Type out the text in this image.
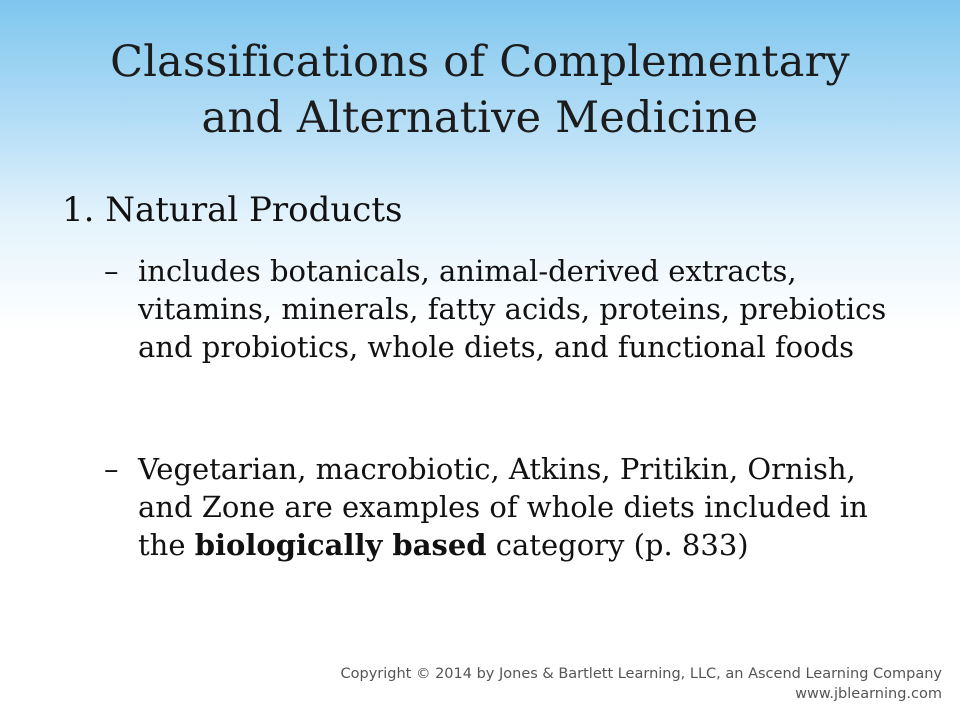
Classifications of Complementary
and Alternative Medicine
1. Natural Products
– includes botanicals, animal-derived extracts, vitamins, minerals, fatty acids, proteins, prebiotics and probiotics, whole diets, and functional foods
– Vegetarian, macrobiotic, Atkins, Pritikin, Ornish, and Zone are examples of whole diets included in the biologically based category (p. 833)
Copyright © 2014 by Jones & Bartlett Learning, LLC, an Ascend Learning Company
www.jblearning.com
